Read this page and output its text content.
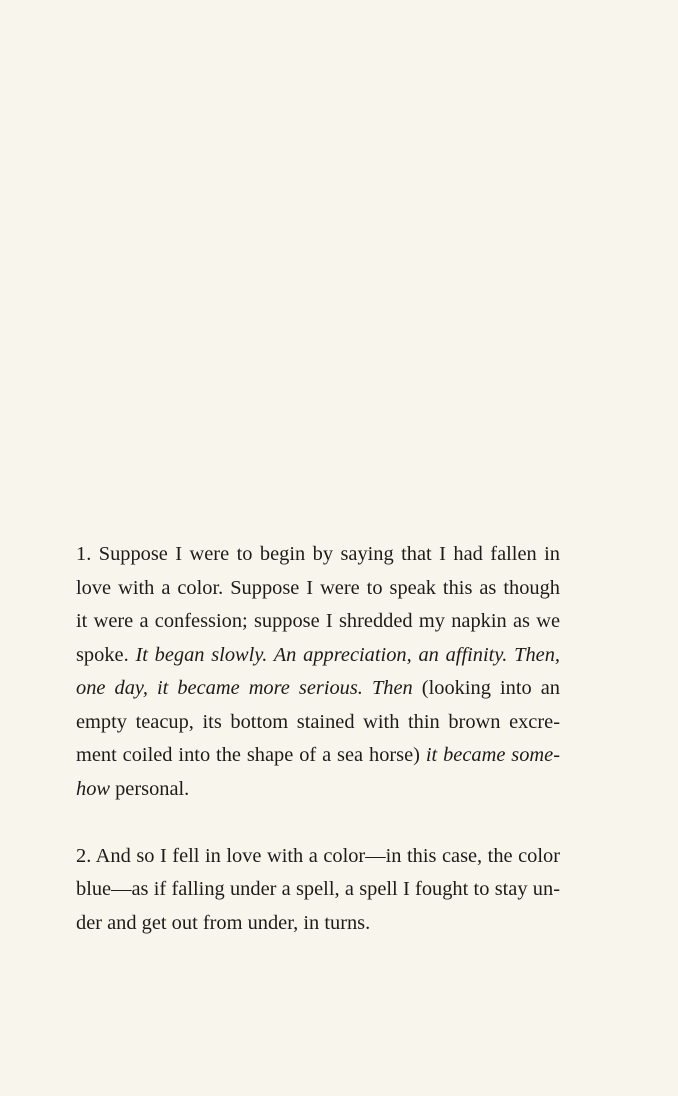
1. Suppose I were to begin by saying that I had fallen in
love with a color. Suppose I were to speak this as though
it were a confession; suppose I shredded my napkin as we
spoke. It began slowly. An appreciation, an affinity. Then,
one day, it became more serious. Then (looking into an
empty teacup, its bottom stained with thin brown excre-
ment coiled into the shape of a sea horse) it became some-
how personal.

2. And so I fell in love with a color—in this case, the color
blue—as if falling under a spell, a spell I fought to stay un-
der and get out from under, in turns.
